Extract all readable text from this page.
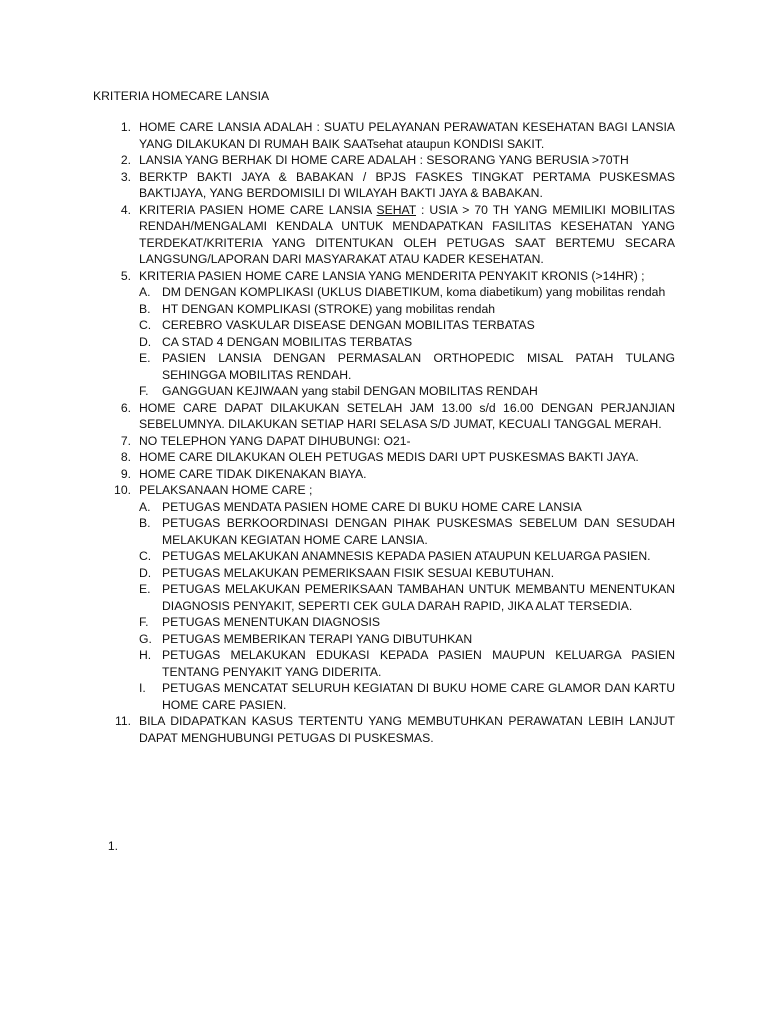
KRITERIA HOMECARE LANSIA
1. HOME CARE LANSIA ADALAH : SUATU PELAYANAN PERAWATAN KESEHATAN BAGI LANSIA YANG DILAKUKAN DI RUMAH BAIK SAATsehat ataupun KONDISI SAKIT.
2. LANSIA YANG BERHAK DI HOME CARE ADALAH : SESORANG YANG BERUSIA >70TH
3. BERKTP BAKTI JAYA & BABAKAN / BPJS FASKES TINGKAT PERTAMA PUSKESMAS BAKTIJAYA, YANG BERDOMISILI DI WILAYAH BAKTI JAYA & BABAKAN.
4. KRITERIA PASIEN HOME CARE LANSIA SEHAT : USIA > 70 TH YANG MEMILIKI MOBILITAS RENDAH/MENGALAMI KENDALA UNTUK MENDAPATKAN FASILITAS KESEHATAN YANG TERDEKAT/KRITERIA YANG DITENTUKAN OLEH PETUGAS SAAT BERTEMU SECARA LANGSUNG/LAPORAN DARI MASYARAKAT ATAU KADER KESEHATAN.
5. KRITERIA PASIEN HOME CARE LANSIA YANG MENDERITA PENYAKIT KRONIS (>14HR) ;
A. DM DENGAN KOMPLIKASI (UKLUS DIABETIKUM, koma diabetikum) yang mobilitas rendah
B. HT DENGAN KOMPLIKASI (STROKE) yang mobilitas rendah
C. CEREBRO VASKULAR DISEASE DENGAN MOBILITAS TERBATAS
D. CA STAD 4 DENGAN MOBILITAS TERBATAS
E. PASIEN LANSIA DENGAN PERMASALAN ORTHOPEDIC MISAL PATAH TULANG SEHINGGA MOBILITAS RENDAH.
F.	GANGGUAN KEJIWAAN yang stabil DENGAN MOBILITAS RENDAH
6. HOME CARE DAPAT DILAKUKAN SETELAH JAM 13.00 s/d 16.00 DENGAN PERJANJIAN SEBELUMNYA. DILAKUKAN SETIAP HARI SELASA S/D JUMAT, KECUALI TANGGAL MERAH.
7. NO TELEPHON YANG DAPAT DIHUBUNGI: O21-
8. HOME CARE DILAKUKAN OLEH PETUGAS MEDIS DARI UPT PUSKESMAS BAKTI JAYA.
9. HOME CARE TIDAK DIKENAKAN BIAYA.
10. PELAKSANAAN HOME CARE ;
A. PETUGAS MENDATA PASIEN HOME CARE DI BUKU HOME CARE LANSIA
B. PETUGAS BERKOORDINASI DENGAN PIHAK PUSKESMAS SEBELUM DAN SESUDAH MELAKUKAN KEGIATAN HOME CARE LANSIA.
C. PETUGAS MELAKUKAN ANAMNESIS KEPADA PASIEN ATAUPUN KELUARGA PASIEN.
D. PETUGAS MELAKUKAN PEMERIKSAAN FISIK SESUAI KEBUTUHAN.
E. PETUGAS MELAKUKAN PEMERIKSAAN TAMBAHAN UNTUK MEMBANTU MENENTUKAN DIAGNOSIS PENYAKIT, SEPERTI CEK GULA DARAH RAPID, JIKA ALAT TERSEDIA.
F.	PETUGAS MENENTUKAN DIAGNOSIS
G. PETUGAS MEMBERIKAN TERAPI YANG DIBUTUHKAN
H. PETUGAS MELAKUKAN EDUKASI KEPADA PASIEN MAUPUN KELUARGA PASIEN TENTANG PENYAKIT YANG DIDERITA.
I.	PETUGAS MENCATAT SELURUH KEGIATAN DI BUKU HOME CARE GLAMOR DAN KARTU HOME CARE PASIEN.
11. BILA DIDAPATKAN KASUS TERTENTU YANG MEMBUTUHKAN PERAWATAN LEBIH LANJUT DAPAT MENGHUBUNGI PETUGAS DI PUSKESMAS.
1.
